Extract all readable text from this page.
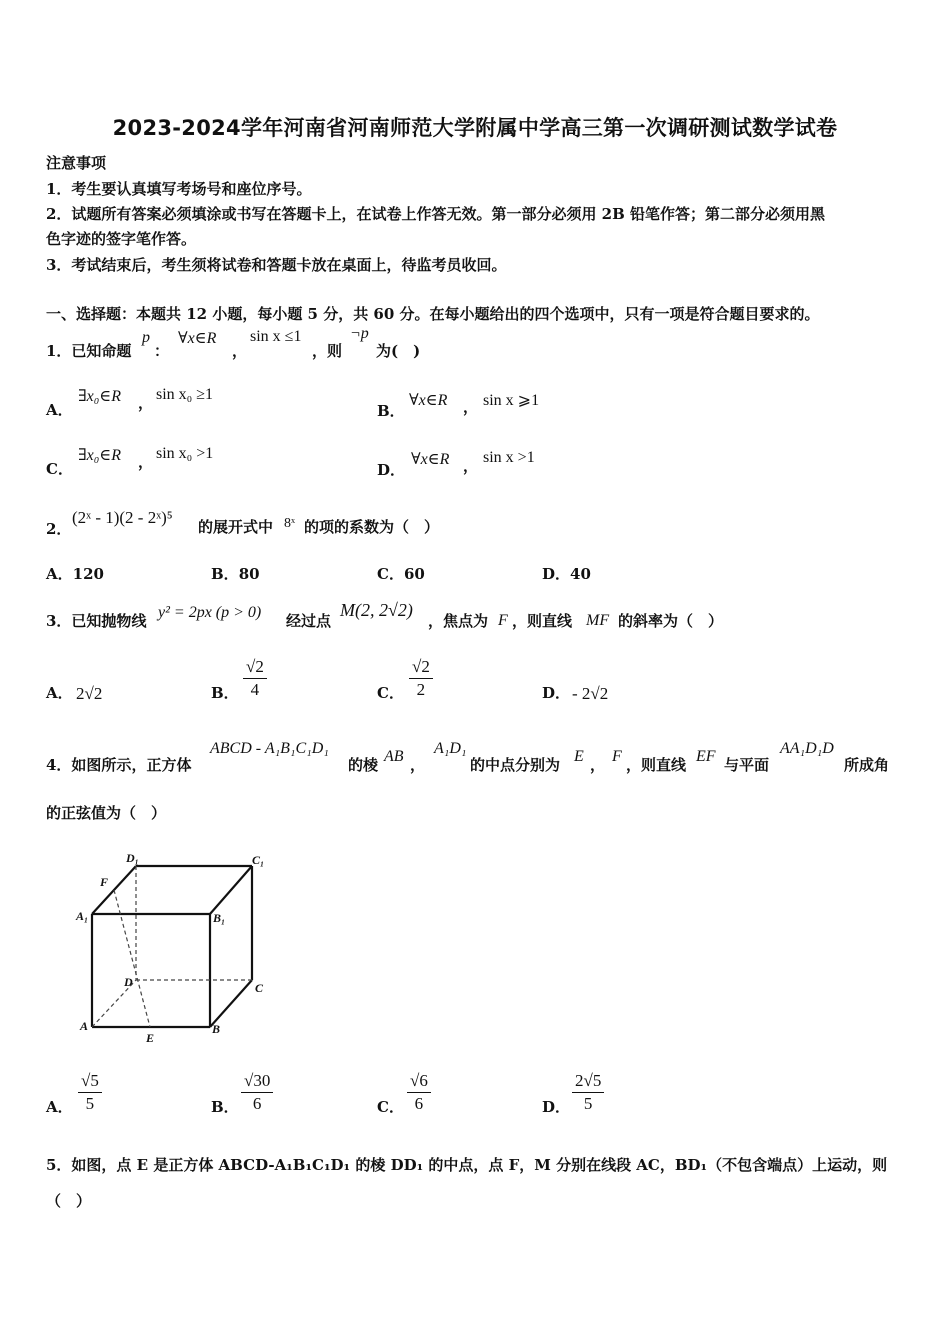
2023-2024学年河南省河南师范大学附属中学高三第一次调研测试数学试卷
注意事项
1．考生要认真填写考场号和座位序号。
2．试题所有答案必须填涂或书写在答题卡上，在试卷上作答无效。第一部分必须用 2B 铅笔作答；第二部分必须用黑
色字迹的签字笔作答。
3．考试结束后，考生须将试卷和答题卡放在桌面上，待监考员收回。
一、选择题：本题共 12 小题，每小题 5 分，共 60 分。在每小题给出的四个选项中，只有一项是符合题目要求的。
1．已知命题
p
：
∀x∈R
，
sin x ≤1
，则
¬p
为(　)
A．
∃x₀∈R ， sin x₀ ≥1
B．
∀x∈R ， sin x ⩾1
C．
∃x₀∈R ， sin x₀ >1
D．
∀x∈R ， sin x >1
2．
(2ˣ - 1)(2 - 2ˣ)⁵ 的展开式中 8ˣ 的项的系数为（　）
A．120	B．80	C．60	D．40
3．已知抛物线 y² = 2px (p > 0) 经过点
M(2, 2√2)
，焦点为 F ，则直线 MF 的斜率为（　）
A． 2√2	B． $\frac{√2}{4}$	C． $\frac{√2}{2}$	D． - 2√2
4．如图所示，正方体
ABCD - A₁B₁C₁D₁
的棱 AB ，
A₁D₁
的中点分别为 E ， F ，则直线 EF 与平面
AA₁D₁D
所成角
的正弦值为（　）
D₁	C₁
F
A₁	B₁
D	C
A	B
E
A． $\frac{√5}{5}$	B． $\frac{√30}{6}$	C． $\frac{√6}{6}$	D． $\frac{2√5}{5}$
5．如图，点 E 是正方体 ABCD-A₁B₁C₁D₁ 的棱 DD₁ 的中点，点 F，M 分别在线段 AC，BD₁（不包含端点）上运动，则
（　）
